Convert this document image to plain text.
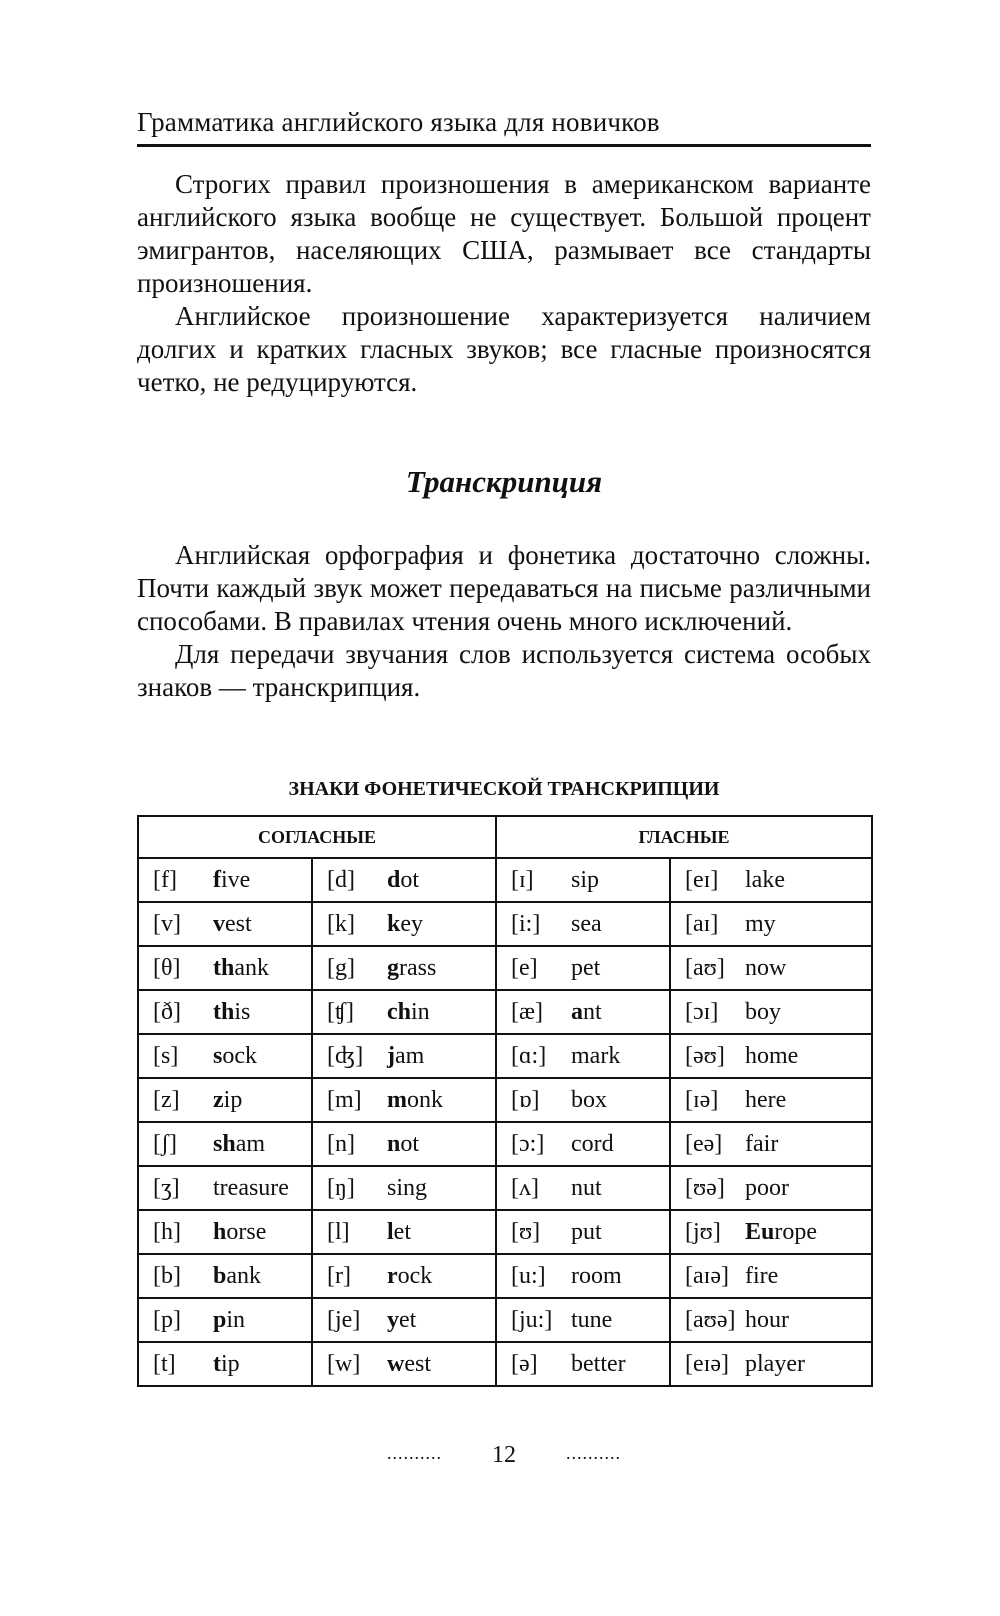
Грамматика английского языка для новичков

Строгих правил произношения в американском варианте английского языка вообще не существует. Большой процент эмигрантов, населяющих США, размывает все стандарты произношения.

Английское произношение характеризуется наличием долгих и кратких гласных звуков; все гласные произносятся четко, не редуцируются.

Транскрипция

Английская орфография и фонетика достаточно сложны. Почти каждый звук может передаваться на письме различными способами. В правилах чтения очень много исключений.

Для передачи звучания слов используется система особых знаков — транскрипция.

ЗНАКИ ФОНЕТИЧЕСКОЙ ТРАНСКРИПЦИИ
СОГЛАСНЫЕ		ГЛАСНЫЕ	
[f] five	[d] dot	[ɪ] sip	[eɪ] lake
[v] vest	[k] key	[i:] sea	[aɪ] my
[θ] thank	[g] grass	[e] pet	[aʊ] now
[ð] this	[ʧ] chin	[æ] ant	[ɔɪ] boy
[s] sock	[ʤ] jam	[ɑ:] mark	[əʊ] home
[z] zip	[m] monk	[ɒ] box	[ɪə] here
[ʃ] sham	[n] not	[ɔ:] cord	[eə] fair
[ʒ] treasure	[ŋ] sing	[ʌ] nut	[ʊə] poor
[h] horse	[l] let	[ʊ] put	[jʊ] Europe
[b] bank	[r] rock	[u:] room	[aɪə] fire
[p] pin	[je] yet	[ju:] tune	[aʊə] hour
[t] tip	[w] west	[ə] better	[eɪə] player
.......... 12	..........
